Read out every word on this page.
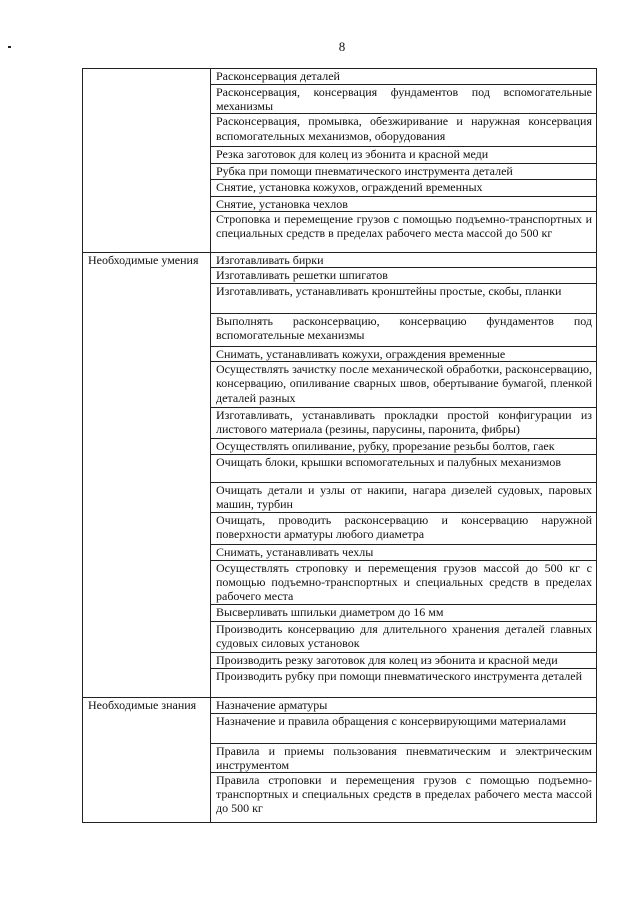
8
	Расконсервация деталей
	Расконсервация, консервация фундаментов под вспомогательные механизмы
	Расконсервация, промывка, обезжиривание и наружная консервация вспомогательных механизмов, оборудования
	Резка заготовок для колец из эбонита и красной меди
	Рубка при помощи пневматического инструмента деталей
	Снятие, установка кожухов, ограждений временных
	Снятие, установка чехлов
	Строповка и перемещение грузов с помощью подъемно-транспортных и специальных средств в пределах рабочего места массой до 500 кг
Необходимые умения	Изготавливать бирки
	Изготавливать решетки шпигатов
	Изготавливать, устанавливать кронштейны простые, скобы, планки
	Выполнять расконсервацию, консервацию фундаментов под вспомогательные механизмы
	Снимать, устанавливать кожухи, ограждения временные
	Осуществлять зачистку после механической обработки, расконсервацию, консервацию, опиливание сварных швов, обертывание бумагой, пленкой деталей разных
	Изготавливать, устанавливать прокладки простой конфигурации из листового материала (резины, парусины, паронита, фибры)
	Осуществлять опиливание, рубку, прорезание резьбы болтов, гаек
	Очищать блоки, крышки вспомогательных и палубных механизмов
	Очищать детали и узлы от накипи, нагара дизелей судовых, паровых машин, турбин
	Очищать, проводить расконсервацию и консервацию наружной поверхности арматуры любого диаметра
	Снимать, устанавливать чехлы
	Осуществлять строповку и перемещения грузов массой до 500 кг с помощью подъемно-транспортных и специальных средств в пределах рабочего места
	Высверливать шпильки диаметром до 16 мм
	Производить консервацию для длительного хранения деталей главных судовых силовых установок
	Производить резку заготовок для колец из эбонита и красной меди
	Производить рубку при помощи пневматического инструмента деталей
Необходимые знания	Назначение арматуры
	Назначение и правила обращения с консервирующими материалами
	Правила и приемы пользования пневматическим и электрическим инструментом
	Правила строповки и перемещения грузов с помощью подъемно-транспортных и специальных средств в пределах рабочего места массой до 500 кг
